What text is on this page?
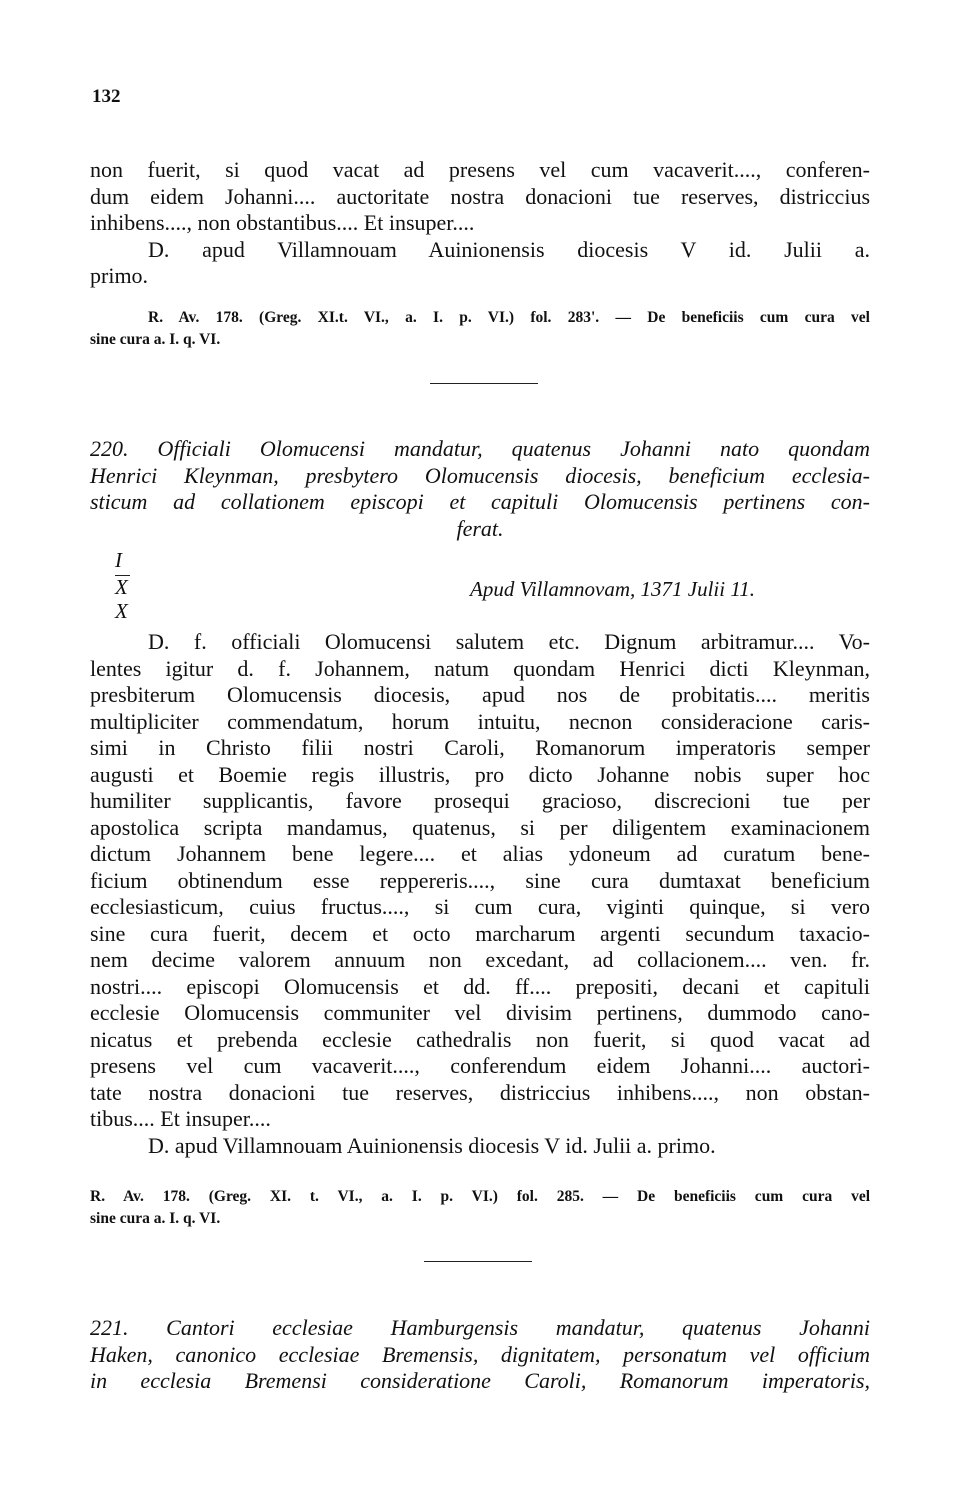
132
non fuerit, si quod vacat ad presens vel cum vacaverit...., conferen-
dum eidem Johanni.... auctoritate nostra donacioni tue reserves, districcius
inhibens...., non obstantibus.... Et insuper....
D. apud Villamnouam Auinionensis diocesis V id. Julii a.
primo.
R. Av. 178. (Greg. XI.t. VI., a. I. p. VI.) fol. 283'. — De beneficiis cum cura vel
sine cura a. I. q. VI.
220. Officiali Olomucensi mandatur, quatenus Johanni nato quondam
Henrici Kleynman, presbytero Olomucensis diocesis, beneficium ecclesia-
sticum ad collationem episcopi et capituli Olomucensis pertinens con-
ferat.
I
X
X
Apud Villamnovam, 1371 Julii 11.
D. f. officiali Olomucensi salutem etc. Dignum arbitramur.... Vo-
lentes igitur d. f. Johannem, natum quondam Henrici dicti Kleynman,
presbiterum Olomucensis diocesis, apud nos de probitatis.... meritis
multipliciter commendatum, horum intuitu, necnon consideracione caris-
simi in Christo filii nostri Caroli, Romanorum imperatoris semper
augusti et Boemie regis illustris, pro dicto Johanne nobis super hoc
humiliter supplicantis, favore prosequi gracioso, discrecioni tue per
apostolica scripta mandamus, quatenus, si per diligentem examinacionem
dictum Johannem bene legere.... et alias ydoneum ad curatum bene-
ficium obtinendum esse reppereris...., sine cura dumtaxat beneficium
ecclesiasticum, cuius fructus...., si cum cura, viginti quinque, si vero
sine cura fuerit, decem et octo marcharum argenti secundum taxacio-
nem decime valorem annuum non excedant, ad collacionem.... ven. fr.
nostri.... episcopi Olomucensis et dd. ff.... prepositi, decani et capituli
ecclesie Olomucensis communiter vel divisim pertinens, dummodo cano-
nicatus et prebenda ecclesie cathedralis non fuerit, si quod vacat ad
presens vel cum vacaverit...., conferendum eidem Johanni.... auctori-
tate nostra donacioni tue reserves, districcius inhibens...., non obstan-
tibus.... Et insuper....
D. apud Villamnouam Auinionensis diocesis V id. Julii a. primo.
R. Av. 178. (Greg. XI. t. VI., a. I. p. VI.) fol. 285. — De beneficiis cum cura vel
sine cura a. I. q. VI.
221. Cantori ecclesiae Hamburgensis mandatur, quatenus Johanni
Haken, canonico ecclesiae Bremensis, dignitatem, personatum vel officium
in ecclesia Bremensi consideratione Caroli, Romanorum imperatoris,
